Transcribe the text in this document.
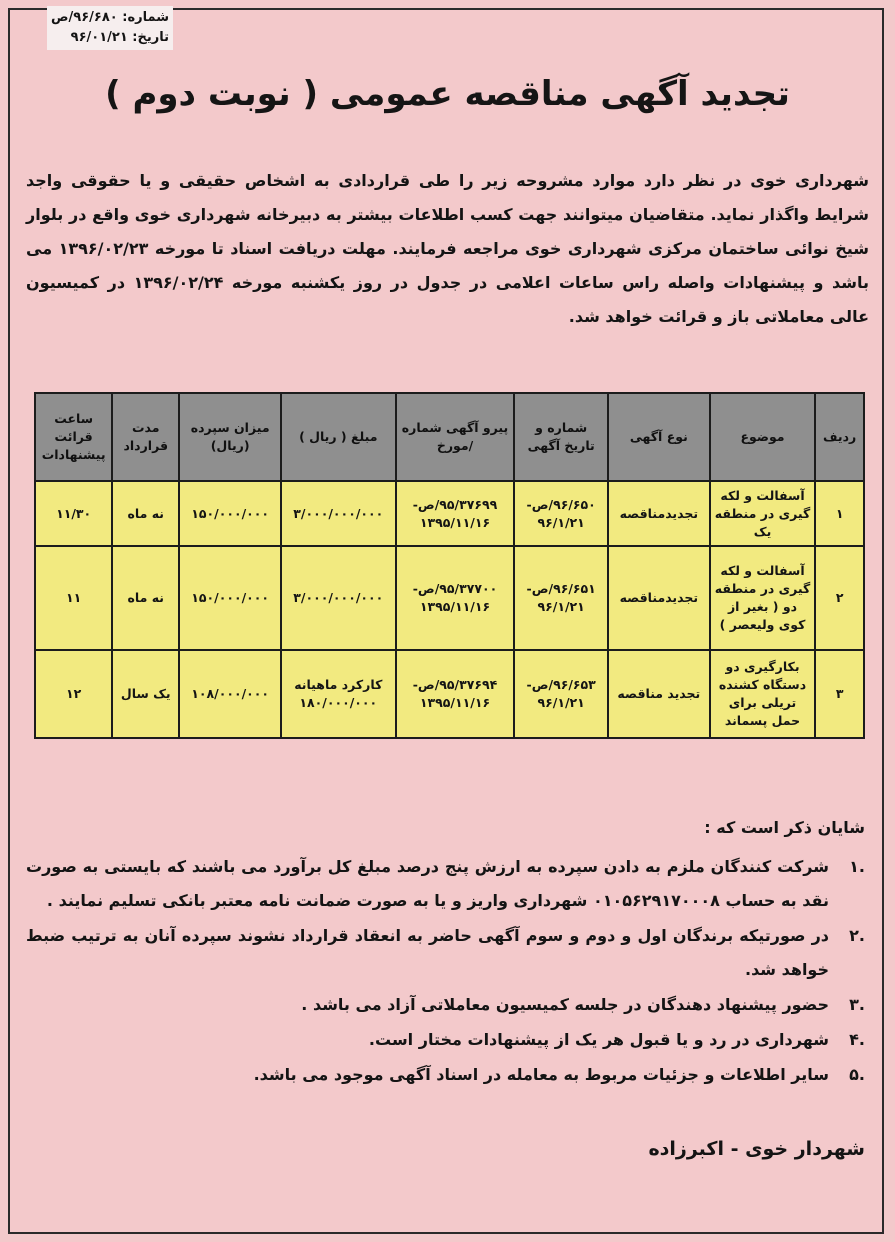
شماره: ۹۶/۶۸۰/ص
تاریخ: ۹۶/۰۱/۲۱
تجدید آگهی مناقصه عمومی ( نوبت دوم )
شهرداری خوی در نظر دارد موارد مشروحه زیر را طی قراردادی به اشخاص حقیقی و یا حقوقی واجد شرایط واگذار نماید. متقاضیان میتوانند جهت کسب اطلاعات بیشتر به دبیرخانه شهرداری خوی واقع در بلوار شیخ نوائی ساختمان مرکزی شهرداری خوی مراجعه فرمایند. مهلت دریافت اسناد تا مورخه ۱۳۹۶/۰۲/۲۳ می باشد و پیشنهادات واصله راس ساعات اعلامی در جدول در روز یکشنبه مورخه ۱۳۹۶/۰۲/۲۴ در کمیسیون عالی معاملاتی باز و قرائت خواهد شد.
ردیف	موضوع	نوع آگهی	شماره و تاریخ آگهی	پیرو آگهی شماره /مورخ	مبلغ ( ریال )	میزان سپرده (ریال)	مدت قرارداد	ساعت قرائت پیشنهادات
۱	آسفالت و لکه گیری در منطقه یک	تجدیدمناقصه	۹۶/۶۵۰/ص- ۹۶/۱/۲۱	۹۵/۳۷۶۹۹/ص- ۱۳۹۵/۱۱/۱۶	۳/۰۰۰/۰۰۰/۰۰۰	۱۵۰/۰۰۰/۰۰۰	نه ماه	۱۱/۳۰
۲	آسفالت و لکه گیری در منطقه دو ( بغیر از کوی ولیعصر )	تجدیدمناقصه	۹۶/۶۵۱/ص- ۹۶/۱/۲۱	۹۵/۳۷۷۰۰/ص- ۱۳۹۵/۱۱/۱۶	۳/۰۰۰/۰۰۰/۰۰۰	۱۵۰/۰۰۰/۰۰۰	نه ماه	۱۱
۳	بکارگیری دو دستگاه کشنده تریلی برای حمل پسماند	تجدید مناقصه	۹۶/۶۵۳/ص- ۹۶/۱/۲۱	۹۵/۳۷۶۹۴/ص- ۱۳۹۵/۱۱/۱۶	کارکرد ماهیانه ۱۸۰/۰۰۰/۰۰۰	۱۰۸/۰۰۰/۰۰۰	یک سال	۱۲
شایان ذکر است که :
.۱
شرکت کنندگان ملزم به دادن سپرده به ارزش پنج درصد مبلغ کل برآورد می باشند که بایستی به صورت نقد به حساب ۰۱۰۵۶۲۹۱۷۰۰۰۸ شهرداری واریز و یا به صورت ضمانت نامه معتبر بانکی تسلیم نمایند .
.۲
در صورتیکه برندگان اول و دوم و سوم آگهی حاضر به انعقاد قرارداد نشوند سپرده آنان به ترتیب ضبط خواهد شد.
.۳
حضور پیشنهاد دهندگان در جلسه کمیسیون معاملاتی آزاد می باشد .
.۴
شهرداری در رد و یا قبول هر یک از پیشنهادات مختار است.
.۵
سایر اطلاعات و جزئیات مربوط به معامله در اسناد آگهی موجود می باشد.
شهردار خوی - اکبرزاده
